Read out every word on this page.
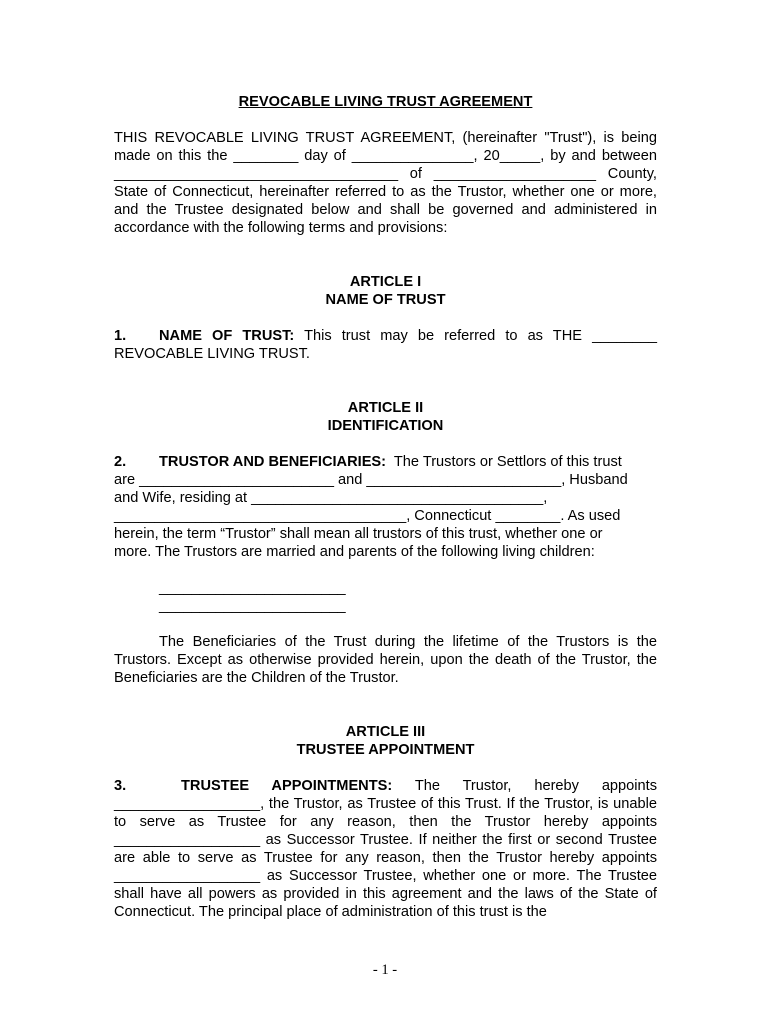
REVOCABLE LIVING TRUST AGREEMENT

THIS REVOCABLE LIVING TRUST AGREEMENT, (hereinafter "Trust"), is being

made on this the ________ day of _______________, 20_____, by and between

___________________________________ of ____________________ County,

State of Connecticut, hereinafter referred to as the Trustor, whether one or more, and the Trustee designated below and shall be governed and administered in accordance with the following terms and provisions:

ARTICLE I
NAME OF TRUST

1. NAME OF TRUST: This trust may be referred to as THE ________

REVOCABLE LIVING TRUST.

ARTICLE II
IDENTIFICATION

2. TRUSTOR AND BENEFICIARIES: The Trustors or Settlors of this trust

are ________________________ and ________________________, Husband

and Wife, residing at ____________________________________,

____________________________________, Connecticut ________. As used

herein, the term “Trustor” shall mean all trustors of this trust, whether one or

more. The Trustors are married and parents of the following living children:

_______________________

_______________________

The Beneficiaries of the Trust during the lifetime of the Trustors is the Trustors. Except as otherwise provided herein, upon the death of the Trustor, the Beneficiaries are the Children of the Trustor.

ARTICLE III
TRUSTEE APPOINTMENT

3.	TRUSTEE APPOINTMENTS: The Trustor, hereby appoints __________________, the Trustor, as Trustee of this Trust. If the Trustor, is unable to serve as Trustee for any reason, then the Trustor hereby appoints __________________ as Successor Trustee. If neither the first or second Trustee are able to serve as Trustee for any reason, then the Trustor hereby appoints __________________ as Successor Trustee, whether one or more. The Trustee shall have all powers as provided in this agreement and the laws of the State of Connecticut. The principal place of administration of this trust is the

- 1 -
